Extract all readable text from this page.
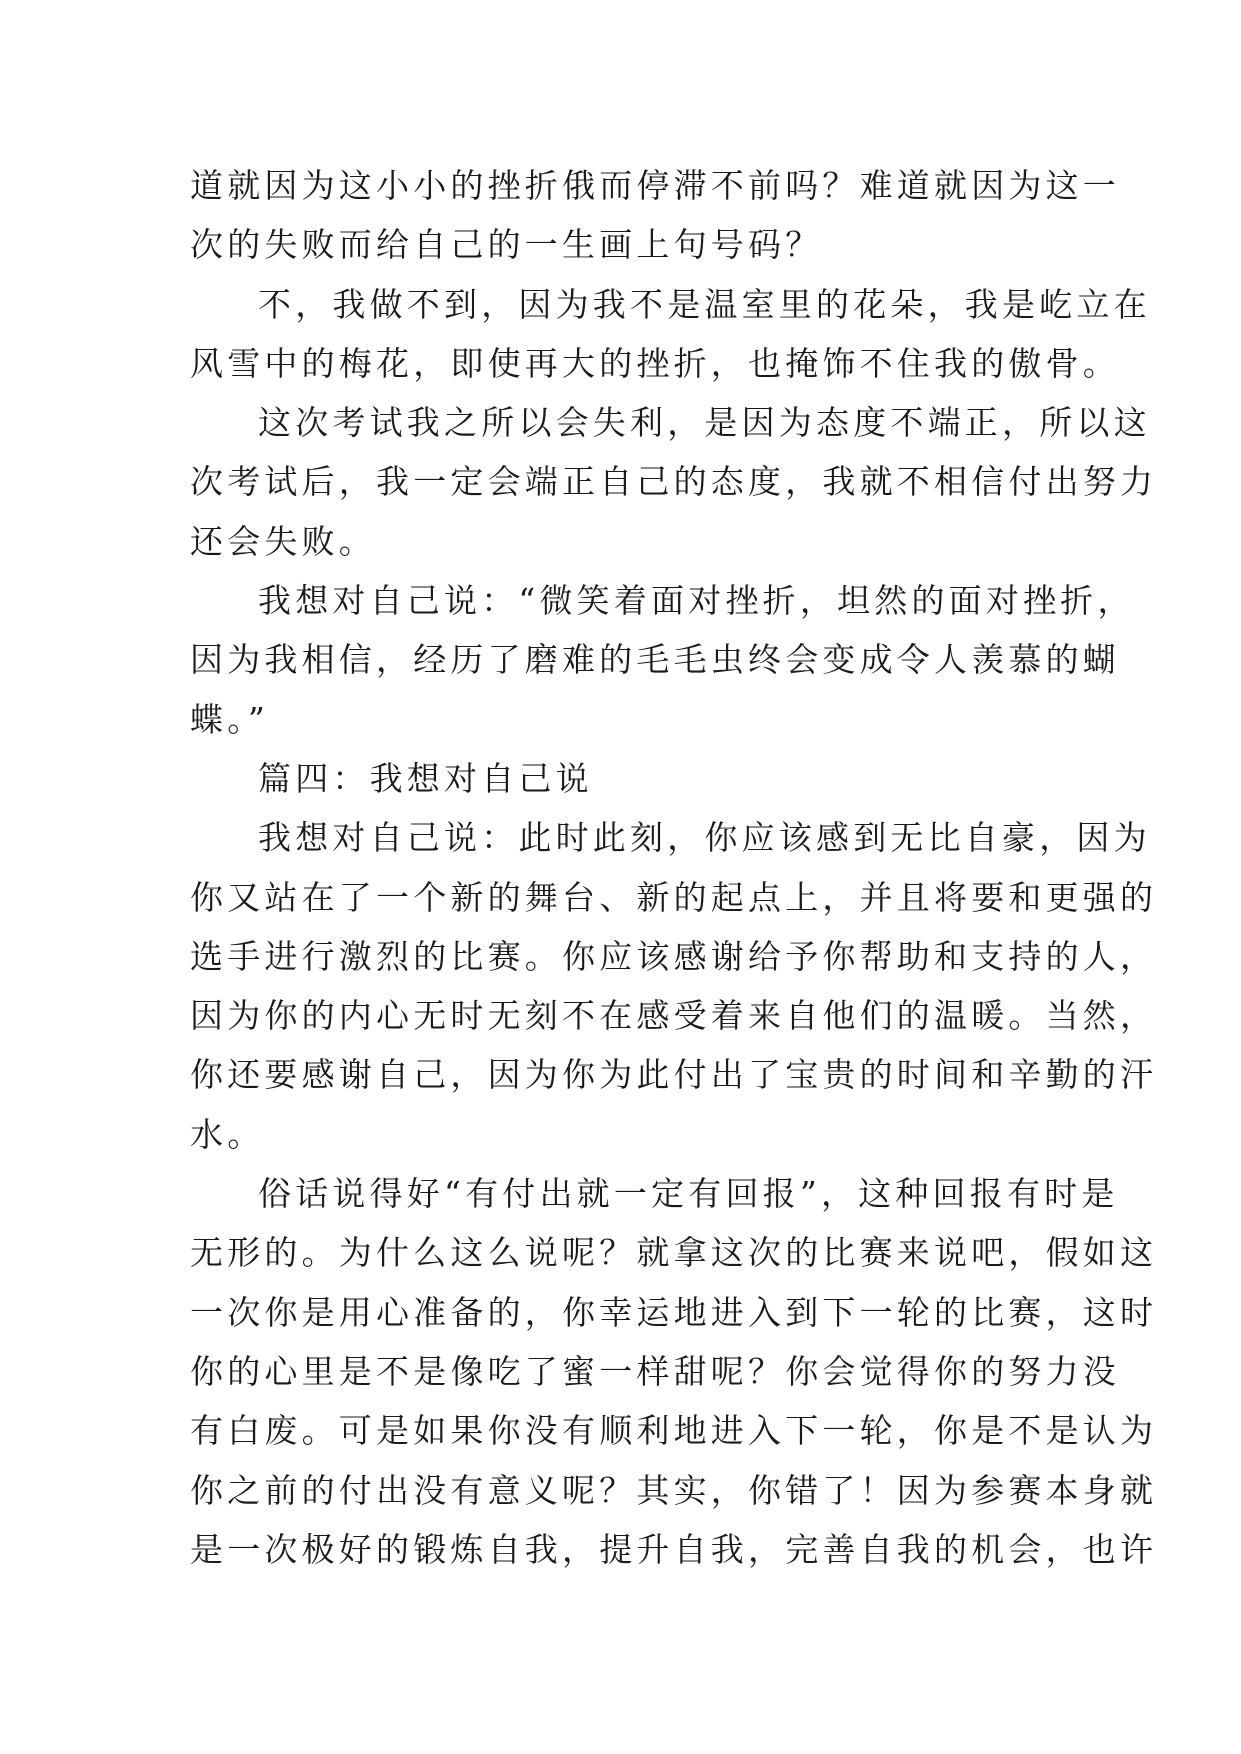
道就因为这小小的挫折俄而停滞不前吗？难道就因为这一
次的失败而给自己的一生画上句号码？

不，我做不到，因为我不是温室里的花朵，我是屹立在
风雪中的梅花，即使再大的挫折，也掩饰不住我的傲骨。

这次考试我之所以会失利，是因为态度不端正，所以这
次考试后，我一定会端正自己的态度，我就不相信付出努力
还会失败。

我想对自己说：“微笑着面对挫折，坦然的面对挫折，
因为我相信，经历了磨难的毛毛虫终会变成令人羡慕的蝴
蝶。”

篇四：我想对自己说

我想对自己说：此时此刻，你应该感到无比自豪，因为
你又站在了一个新的舞台、新的起点上，并且将要和更强的
选手进行激烈的比赛。你应该感谢给予你帮助和支持的人，
因为你的内心无时无刻不在感受着来自他们的温暖。当然，
你还要感谢自己，因为你为此付出了宝贵的时间和辛勤的汗
水。

俗话说得好“有付出就一定有回报”，这种回报有时是
无形的。为什么这么说呢？就拿这次的比赛来说吧，假如这
一次你是用心准备的，你幸运地进入到下一轮的比赛，这时
你的心里是不是像吃了蜜一样甜呢？你会觉得你的努力没
有白废。可是如果你没有顺利地进入下一轮，你是不是认为
你之前的付出没有意义呢？其实，你错了！因为参赛本身就
是一次极好的锻炼自我，提升自我，完善自我的机会，也许
